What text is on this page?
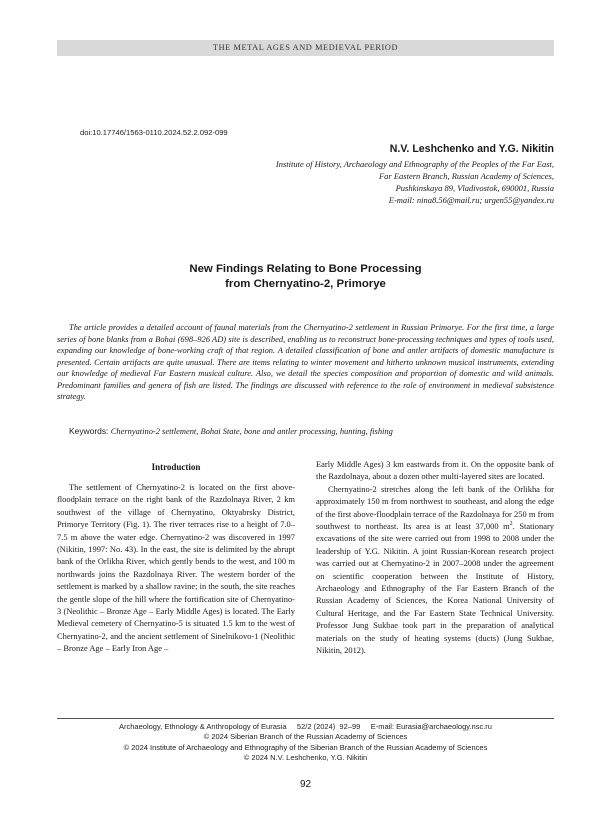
THE METAL AGES AND MEDIEVAL PERIOD
doi:10.17746/1563-0110.2024.52.2.092-099
N.V. Leshchenko and Y.G. Nikitin
Institute of History, Archaeology and Ethnography of the Peoples of the Far East,
Far Eastern Branch, Russian Academy of Sciences,
Pushkinskaya 89, Vladivostok, 690001, Russia
E-mail: nina8.56@mail.ru; urgen55@yandex.ru
New Findings Relating to Bone Processing
from Chernyatino-2, Primorye
The article provides a detailed account of faunal materials from the Chernyatino-2 settlement in Russian Primorye. For the first time, a large series of bone blanks from a Bohai (698–926 AD) site is described, enabling us to reconstruct bone-processing techniques and types of tools used, expanding our knowledge of bone-working craft of that region. A detailed classification of bone and antler artifacts of domestic manufacture is presented. Certain artifacts are quite unusual. There are items relating to winter movement and hitherto unknown musical instruments, extending our knowledge of medieval Far Eastern musical culture. Also, we detail the species composition and proportion of domestic and wild animals. Predominant families and genera of fish are listed. The findings are discussed with reference to the role of environment in medieval subsistence strategy.
Keywords: Chernyatino-2 settlement, Bohai State, bone and antler processing, hunting, fishing
Introduction

The settlement of Chernyatino-2 is located on the first above-floodplain terrace on the right bank of the Razdolnaya River, 2 km southwest of the village of Chernyatino, Oktyabrsky District, Primorye Territory (Fig. 1). The river terraces rise to a height of 7.0–7.5 m above the water edge. Chernyatino-2 was discovered in 1997 (Nikitin, 1997: No. 43). In the east, the site is delimited by the abrupt bank of the Orlikha River, which gently bends to the west, and 100 m northwards joins the Razdolnaya River. The western border of the settlement is marked by a shallow ravine; in the south, the site reaches the gentle slope of the hill where the fortification site of Chernyatino-3 (Neolithic – Bronze Age – Early Middle Ages) is located. The Early Medieval cemetery of Chernyatino-5 is situated 1.5 km to the west of Chernyatino-2, and the ancient settlement of Sinelnikovo-1 (Neolithic – Bronze Age – Early Iron Age –

Early Middle Ages) 3 km eastwards from it. On the opposite bank of the Razdolnaya, about a dozen other multi-layered sites are located.

Chernyatino-2 stretches along the left bank of the Orlikha for approximately 150 m from northwest to southeast, and along the edge of the first above-floodplain terrace of the Razdolnaya for 250 m from southwest to northeast. Its area is at least 37,000 $m^2$. Stationary excavations of the site were carried out from 1998 to 2008 under the leadership of Y.G. Nikitin. A joint Russian-Korean research project was carried out at Chernyatino-2 in 2007–2008 under the agreement on scientific cooperation between the Institute of History, Archaeology and Ethnography of the Far Eastern Branch of the Russian Academy of Sciences, the Korea National University of Cultural Heritage, and the Far Eastern State Technical University. Professor Jung Sukbae took part in the preparation of analytical materials on the study of heating systems (ducts) (Jung Sukbae, Nikitin, 2012).

Archaeology, Ethnology & Anthropology of Eurasia     52/2 (2024)  92–99     E-mail: Eurasia@archaeology.nsc.ru
© 2024 Siberian Branch of the Russian Academy of Sciences
© 2024 Institute of Archaeology and Ethnography of the Siberian Branch of the Russian Academy of Sciences
© 2024 N.V. Leshchenko, Y.G. Nikitin
92
